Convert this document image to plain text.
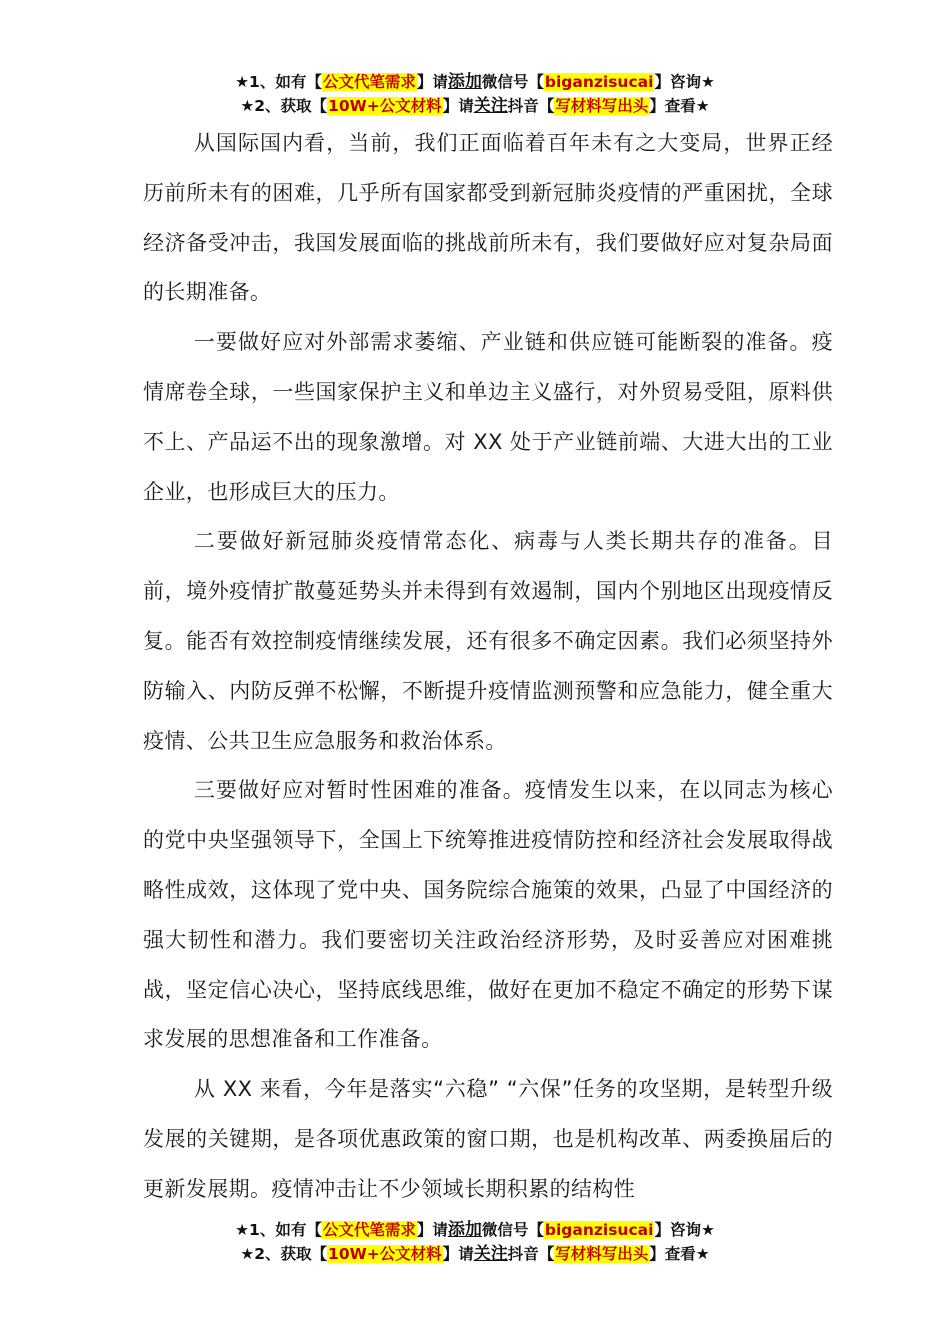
★1、如有【公文代笔需求】请添加微信号【biganzisucai】咨询★
★2、获取【10W+公文材料】请关注抖音【写材料写出头】查看★

从国际国内看，当前，我们正面临着百年未有之大变局，世界正经历前所未有的困难，几乎所有国家都受到新冠肺炎疫情的严重困扰，全球经济备受冲击，我国发展面临的挑战前所未有，我们要做好应对复杂局面的长期准备。

一要做好应对外部需求萎缩、产业链和供应链可能断裂的准备。疫情席卷全球，一些国家保护主义和单边主义盛行，对外贸易受阻，原料供不上、产品运不出的现象激增。对 XX 处于产业链前端、大进大出的工业企业，也形成巨大的压力。

二要做好新冠肺炎疫情常态化、病毒与人类长期共存的准备。目前，境外疫情扩散蔓延势头并未得到有效遏制，国内个别地区出现疫情反复。能否有效控制疫情继续发展，还有很多不确定因素。我们必须坚持外防输入、内防反弹不松懈，不断提升疫情监测预警和应急能力，健全重大疫情、公共卫生应急服务和救治体系。

三要做好应对暂时性困难的准备。疫情发生以来，在以同志为核心的党中央坚强领导下，全国上下统筹推进疫情防控和经济社会发展取得战略性成效，这体现了党中央、国务院综合施策的效果，凸显了中国经济的强大韧性和潜力。我们要密切关注政治经济形势，及时妥善应对困难挑战，坚定信心决心，坚持底线思维，做好在更加不稳定不确定的形势下谋求发展的思想准备和工作准备。

从 XX 来看，今年是落实“六稳” “六保”任务的攻坚期，是转型升级发展的关键期，是各项优惠政策的窗口期，也是机构改革、两委换届后的更新发展期。疫情冲击让不少领域长期积累的结构性

★1、如有【公文代笔需求】请添加微信号【biganzisucai】咨询★
★2、获取【10W+公文材料】请关注抖音【写材料写出头】查看★
